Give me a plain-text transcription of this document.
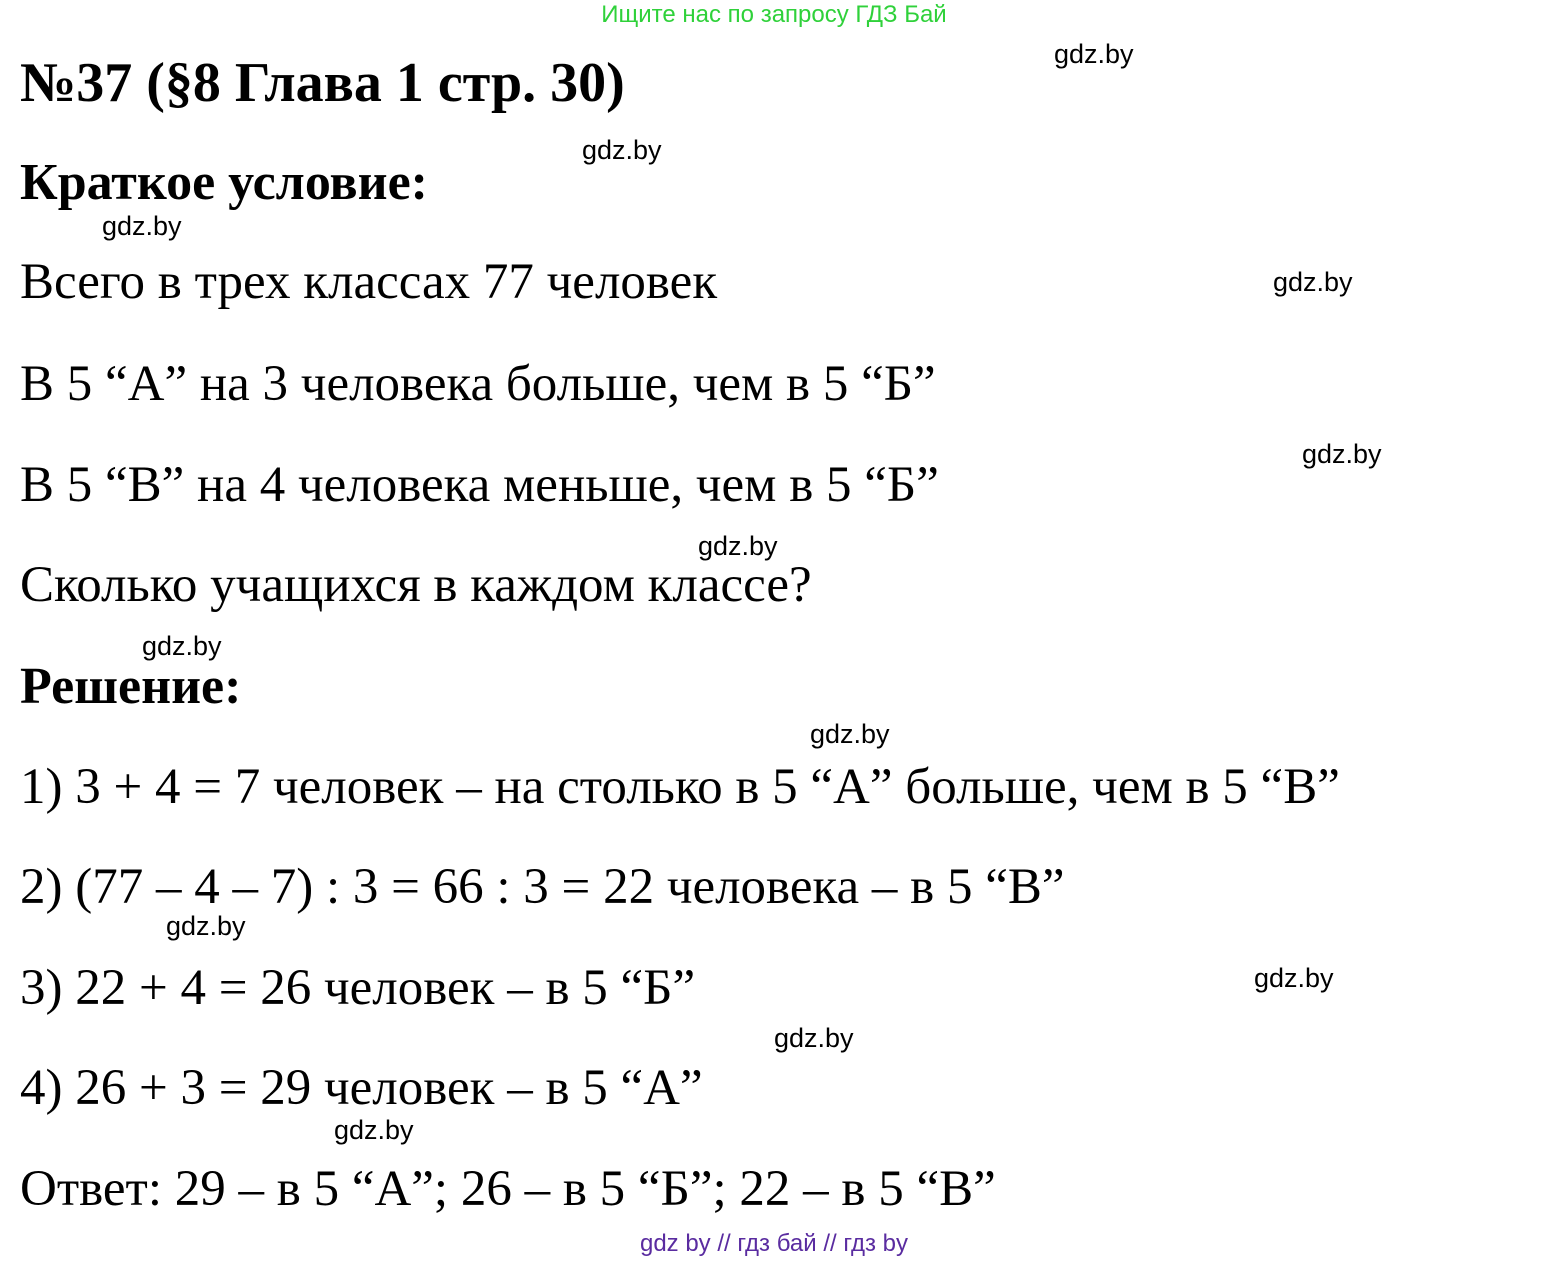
Ищите нас по запросу ГДЗ Бай
№37 (§8 Глава 1 стр. 30)
Краткое условие:
Всего в трех классах 77 человек
В 5 “А” на 3 человека больше, чем в 5 “Б”
В 5 “В” на 4 человека меньше, чем в 5 “Б”
Сколько учащихся в каждом классе?
Решение:
1) 3 + 4 = 7 человек – на столько в 5 “А” больше, чем в 5 “В”
2) (77 – 4 – 7) : 3 = 66 : 3 = 22 человека – в 5 “В”
3) 22 + 4 = 26 человек – в 5 “Б”
4) 26 + 3 = 29 человек – в 5 “А”
Ответ: 29 – в 5 “А”; 26 – в 5 “Б”; 22 – в 5 “В”
gdz.by
gdz.by
gdz.by
gdz.by
gdz.by
gdz.by
gdz.by
gdz.by
gdz.by
gdz.by
gdz.by
gdz.by
gdz by // гдз бай // гдз by
